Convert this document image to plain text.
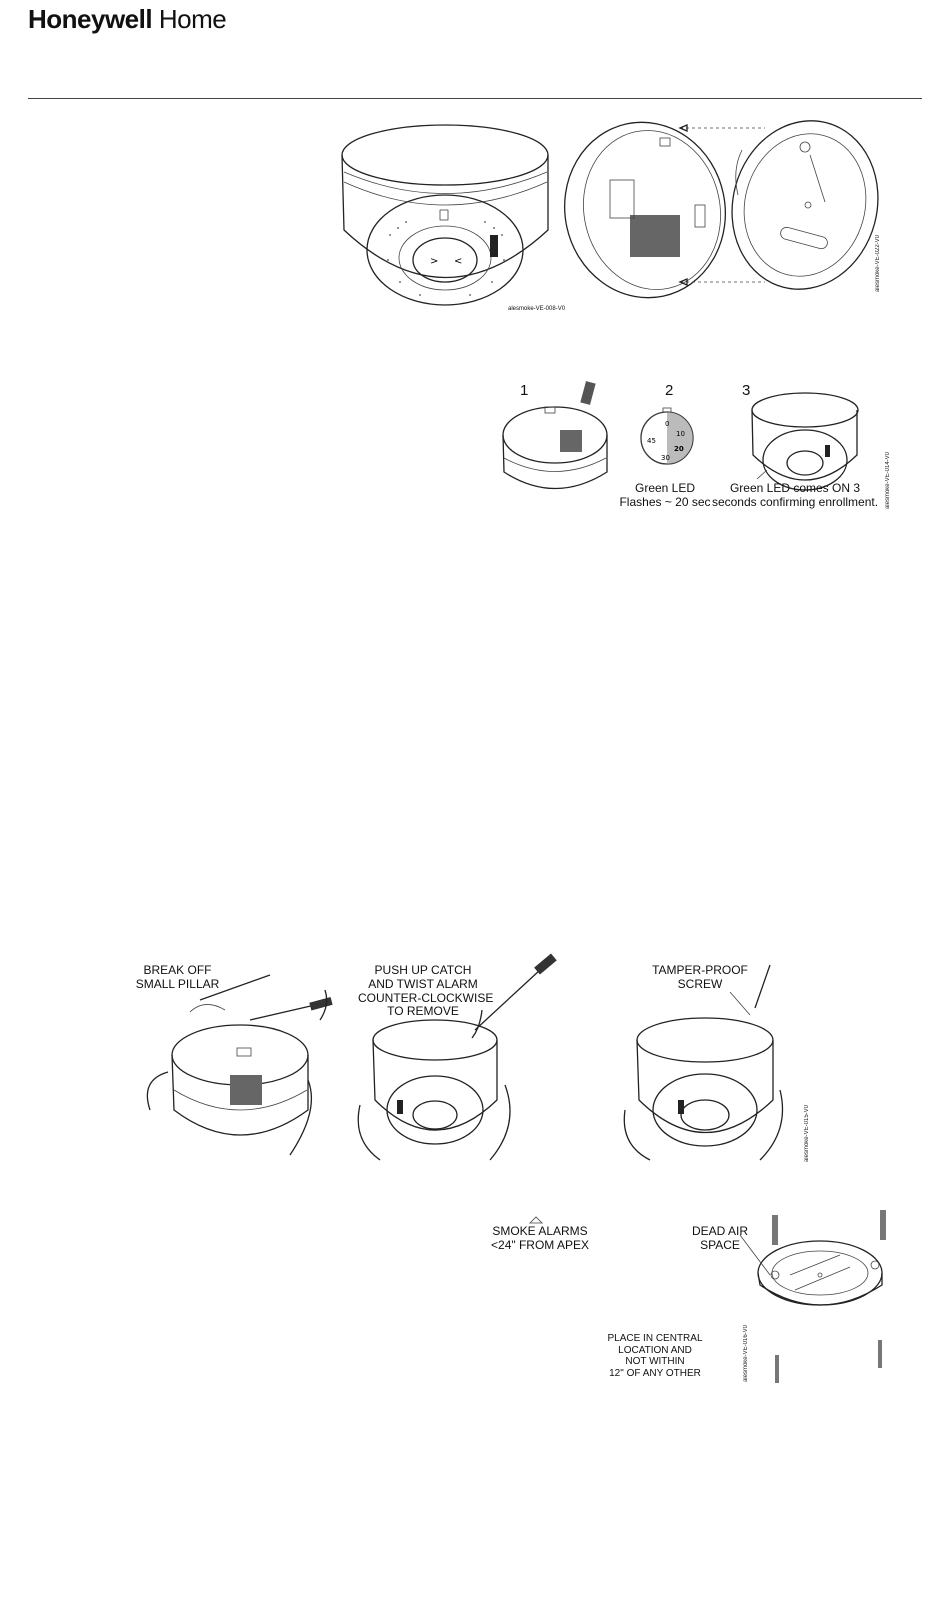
Honeywell Home
> <
alesmoke-VE-008-V0
alesmoke-VE-022-V0
1	2	3
0
10
20
30
45
Green LED
Flashes ~ 20 sec
Green LED comes ON 3
seconds confirming enrollment.	alesmoke-VE-014-V0
BREAK OFF
SMALL PILLAR
PUSH UP CATCH
AND TWIST ALARM
COUNTER-CLOCKWISE
TO REMOVE
TAMPER-PROOF
SCREW
alesmoke-VE-015-V0
SMOKE ALARMS
<24" FROM APEX
DEAD AIR
SPACE
PLACE IN CENTRAL
LOCATION AND
NOT WITHIN
12" OF ANY OTHER	alesmoke-VE-016-V0
